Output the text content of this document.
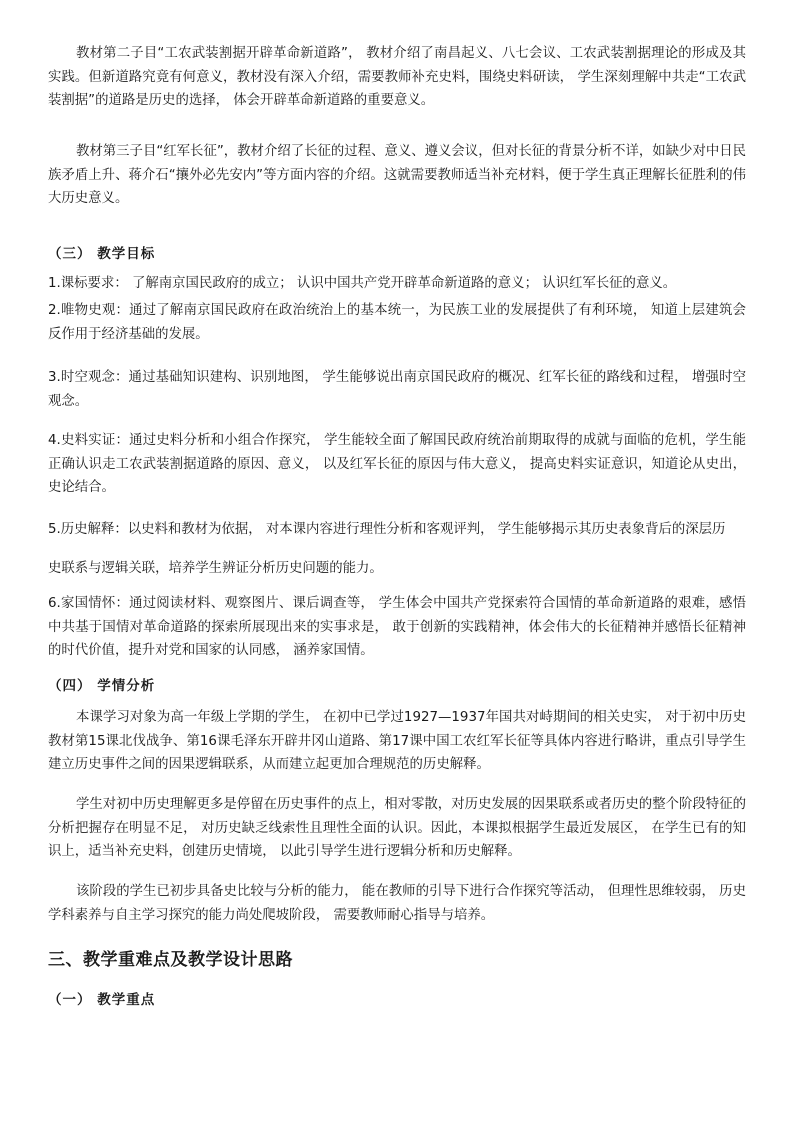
教材第二子目“工农武装割据开辟革命新道路”， 教材介绍了南昌起义、八七会议、工农武装割据理论的形成及其实践。但新道路究竟有何意义，教材没有深入介绍，需要教师补充史料，围绕史料研读， 学生深刻理解中共走“工农武装割据”的道路是历史的选择， 体会开辟革命新道路的重要意义。

教材第三子目“红军长征”，教材介绍了长征的过程、意义、遵义会议，但对长征的背景分析不详，如缺少对中日民族矛盾上升、蒋介石“攘外必先安内”等方面内容的介绍。这就需要教师适当补充材料，便于学生真正理解长征胜利的伟大历史意义。

（三） 教学目标

1.课标要求： 了解南京国民政府的成立； 认识中国共产党开辟革命新道路的意义； 认识红军长征的意义。

2.唯物史观：通过了解南京国民政府在政治统治上的基本统一，为民族工业的发展提供了有利环境， 知道上层建筑会反作用于经济基础的发展。

3.时空观念：通过基础知识建构、识别地图， 学生能够说出南京国民政府的概况、红军长征的路线和过程， 增强时空观念。

4.史料实证：通过史料分析和小组合作探究， 学生能较全面了解国民政府统治前期取得的成就与面临的危机，学生能正确认识走工农武装割据道路的原因、意义， 以及红军长征的原因与伟大意义， 提高史料实证意识，知道论从史出，史论结合。

5.历史解释：以史料和教材为依据， 对本课内容进行理性分析和客观评判， 学生能够揭示其历史表象背后的深层历

史联系与逻辑关联，培养学生辨证分析历史问题的能力。

6.家国情怀：通过阅读材料、观察图片、课后调查等， 学生体会中国共产党探索符合国情的革命新道路的艰难，感悟中共基于国情对革命道路的探索所展现出来的实事求是， 敢于创新的实践精神，体会伟大的长征精神并感悟长征精神的时代价值，提升对党和国家的认同感， 涵养家国情。

（四） 学情分析

本课学习对象为高一年级上学期的学生， 在初中已学过1927—1937年国共对峙期间的相关史实， 对于初中历史教材第15课北伐战争、第16课毛泽东开辟井冈山道路、第17课中国工农红军长征等具体内容进行略讲，重点引导学生建立历史事件之间的因果逻辑联系，从而建立起更加合理规范的历史解释。

学生对初中历史理解更多是停留在历史事件的点上，相对零散，对历史发展的因果联系或者历史的整个阶段特征的分析把握存在明显不足， 对历史缺乏线索性且理性全面的认识。因此，本课拟根据学生最近发展区， 在学生已有的知识上，适当补充史料，创建历史情境， 以此引导学生进行逻辑分析和历史解释。

该阶段的学生已初步具备史比较与分析的能力， 能在教师的引导下进行合作探究等活动， 但理性思维较弱， 历史学科素养与自主学习探究的能力尚处爬坡阶段， 需要教师耐心指导与培养。

三、教学重难点及教学设计思路
（一） 教学重点
